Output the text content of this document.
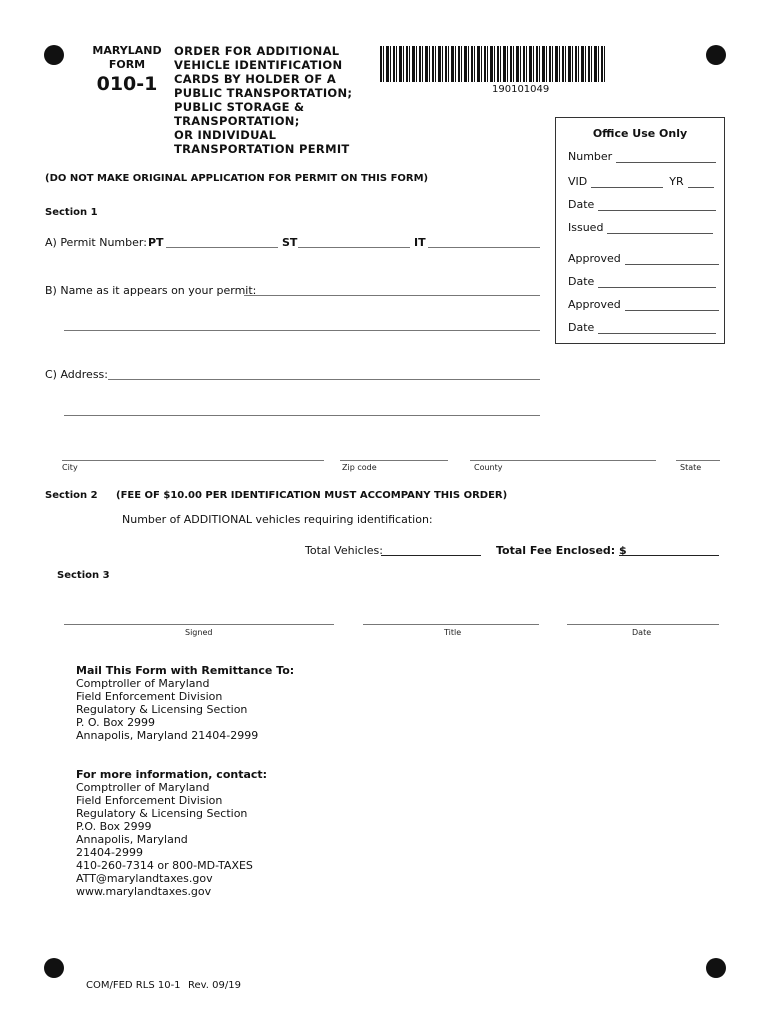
MARYLAND
FORM
010-1
ORDER FOR ADDITIONAL
VEHICLE IDENTIFICATION
CARDS BY HOLDER OF A
PUBLIC TRANSPORTATION;
PUBLIC STORAGE &
TRANSPORTATION;
OR INDIVIDUAL
TRANSPORTATION PERMIT
190101049
Office Use Only
Number
VID	YR
Date
Issued
Approved
Date
Approved
Date
(DO NOT MAKE ORIGINAL APPLICATION FOR PERMIT ON THIS FORM)
Section 1
A) Permit Number: PT	ST	IT
B) Name as it appears on your permit:
C) Address:
City	Zip code	County	State
Section 2 (FEE OF $10.00 PER IDENTIFICATION MUST ACCOMPANY THIS ORDER)
Number of ADDITIONAL vehicles requiring identification:
Total Vehicles:	Total Fee Enclosed: $
Section 3
Signed	Title	Date
Mail This Form with Remittance To:
Comptroller of Maryland
Field Enforcement Division
Regulatory & Licensing Section
P. O. Box 2999
Annapolis, Maryland 21404-2999
For more information, contact:
Comptroller of Maryland
Field Enforcement Division
Regulatory & Licensing Section
P.O. Box 2999
Annapolis, Maryland
21404-2999
410-260-7314 or 800-MD-TAXES
ATT@marylandtaxes.gov
www.marylandtaxes.gov
COM/FED RLS 10-1 Rev. 09/19
